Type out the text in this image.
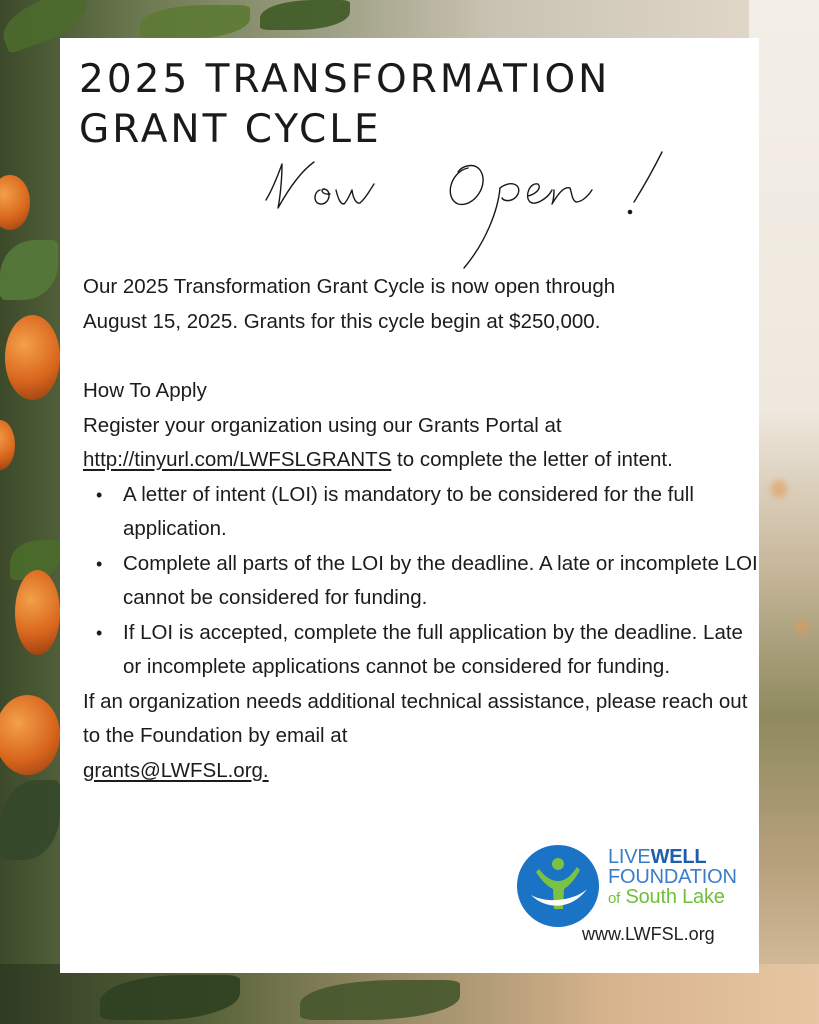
2025 TRANSFORMATION
GRANT CYCLE

Our 2025 Transformation Grant Cycle is now open through
August 15, 2025. Grants for this cycle begin at $250,000.

How To Apply

Register your organization using our Grants Portal at
http://tinyurl.com/LWFSLGRANTS to complete the letter of intent.

• A letter of intent (LOI) is mandatory to be considered for the full application.
• Complete all parts of the LOI by the deadline. A late or incomplete LOI cannot be considered for funding.
• If LOI is accepted, complete the full application by the deadline. Late or incomplete applications cannot be considered for funding.

If an organization needs additional technical assistance, please reach out to the Foundation by email at
grants@LWFSL.org.

LIVEWELL
FOUNDATION
of South Lake
www.LWFSL.org
